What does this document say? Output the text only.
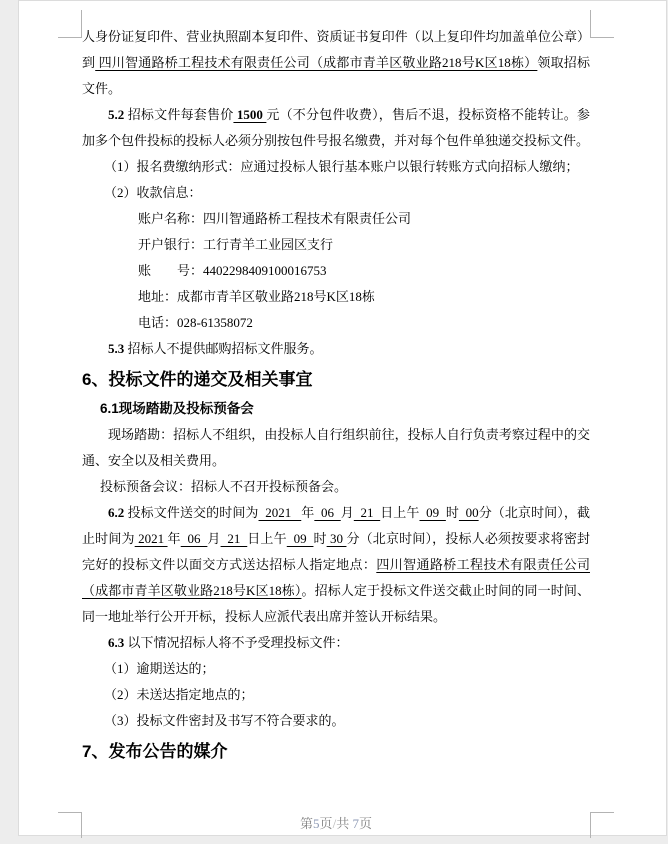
人身份证复印件、营业执照副本复印件、资质证书复印件（以上复印件均加盖单位公章）到 四川智通路桥工程技术有限责任公司（成都市青羊区敬业路218号K区18栋）领取招标文件。

5.2 招标文件每套售价 1500 元（不分包件收费），售后不退，投标资格不能转让。参加多个包件投标的投标人必须分别按包件号报名缴费，并对每个包件单独递交投标文件。

（1）报名费缴纳形式：应通过投标人银行基本账户以银行转账方式向招标人缴纳；

（2）收款信息：

账户名称：四川智通路桥工程技术有限责任公司

开户银行：工行青羊工业园区支行

账　　号：4402298409100016753

地址：成都市青羊区敬业路218号K区18栋

电话：028-61358072

5.3 招标人不提供邮购招标文件服务。

6、投标文件的递交及相关事宜

6.1现场踏勘及投标预备会

现场踏勘：招标人不组织，由投标人自行组织前往，投标人自行负责考察过程中的交通、安全以及相关费用。

投标预备会议：招标人不召开投标预备会。

6.2 投标文件送交的时间为  2021   年  06  月  21  日上午  09  时  00分（北京时间），截止时间为 2021 年  06  月  21  日上午  09  时 30 分（北京时间），投标人必须按要求将密封完好的投标文件以面交方式送达招标人指定地点：四川智通路桥工程技术有限责任公司（成都市青羊区敬业路218号K区18栋）。招标人定于投标文件送交截止时间的同一时间、同一地址举行公开开标，投标人应派代表出席并签认开标结果。

6.3 以下情况招标人将不予受理投标文件：

（1）逾期送达的；

（2）未送达指定地点的；

（3）投标文件密封及书写不符合要求的。

7、发布公告的媒介

第5页/共 7页
